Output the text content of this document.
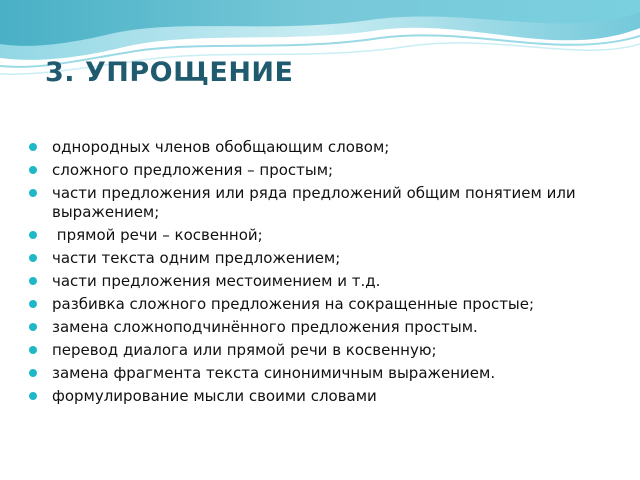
3. УПРОЩЕНИЕ
однородных членов обобщающим словом;
сложного предложения – простым;
части предложения или ряда предложений общим понятием или выражением;
прямой речи – косвенной;
части текста одним предложением;
части предложения местоимением и т.д.
разбивка сложного предложения на сокращенные простые;
замена сложноподчинённого предложения простым.
перевод диалога или прямой речи в косвенную;
замена фрагмента текста синонимичным выражением.
формулирование мысли своими словами
